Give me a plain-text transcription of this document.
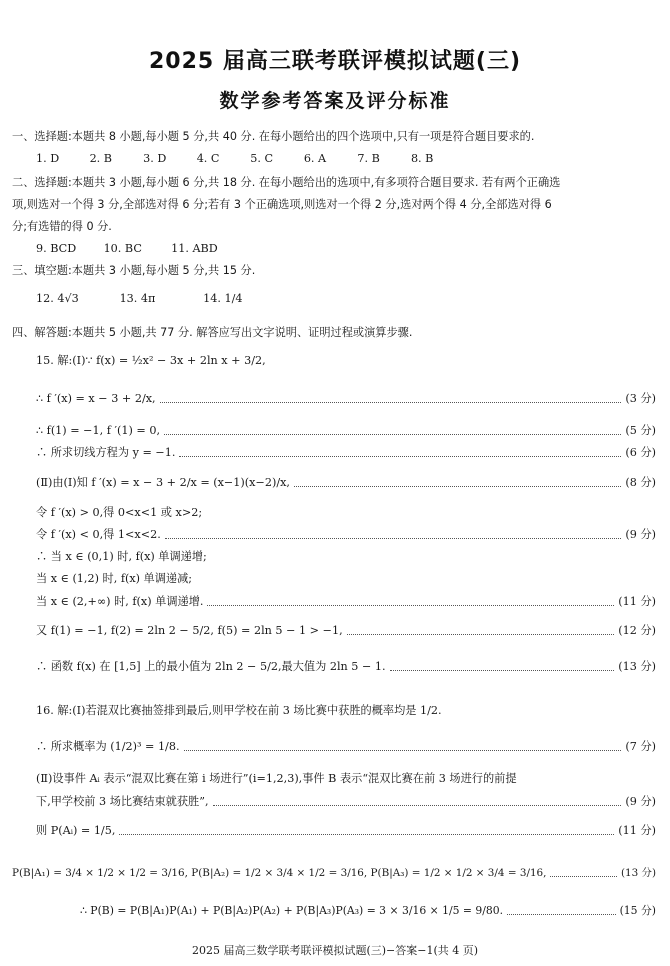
2025 届高三联考联评模拟试题(三)
数学参考答案及评分标准
一、选择题:本题共 8 小题,每小题 5 分,共 40 分. 在每小题给出的四个选项中,只有一项是符合题目要求的.
1. D	2. B	3. D	4. C	5. C	6. A	7. B	8. B
二、选择题:本题共 3 小题,每小题 6 分,共 18 分. 在每小题给出的选项中,有多项符合题目要求. 若有两个正确选
项,则选对一个得 3 分,全部选对得 6 分;若有 3 个正确选项,则选对一个得 2 分,选对两个得 4 分,全部选对得 6
分;有选错的得 0 分.
9. BCD 10. BC	11. ABD
三、填空题:本题共 3 小题,每小题 5 分,共 15 分.
12. 4√3	13. 4π	14. 1/4
四、解答题:本题共 5 小题,共 77 分. 解答应写出文字说明、证明过程或演算步骤.
15. 解:(Ⅰ)∵ f(x) = ½x² − 3x + 2ln x + 3/2,
∴ f ′(x) = x − 3 + 2/x,	(3 分)
∴ f(1) = −1, f ′(1) = 0,	(5 分)
∴ 所求切线方程为 y = −1.	(6 分)
(Ⅱ)由(Ⅰ)知 f ′(x) = x − 3 + 2/x = (x−1)(x−2)/x,	(8 分)
令 f ′(x) > 0,得 0<x<1 或 x>2;
令 f ′(x) < 0,得 1<x<2.	(9 分)
∴ 当 x ∈ (0,1) 时, f(x) 单调递增;
当 x ∈ (1,2) 时, f(x) 单调递减;
当 x ∈ (2,+∞) 时, f(x) 单调递增.	(11 分)
又 f(1) = −1, f(2) = 2ln 2 − 5/2, f(5) = 2ln 5 − 1 > −1,	(12 分)
∴ 函数 f(x) 在 [1,5] 上的最小值为 2ln 2 − 5/2,最大值为 2ln 5 − 1.	(13 分)
16. 解:(Ⅰ)若混双比赛抽签排到最后,则甲学校在前 3 场比赛中获胜的概率均是 1/2.
∴ 所求概率为 (1/2)³ = 1/8.	(7 分)
(Ⅱ)设事件 Aᵢ 表示“混双比赛在第 i 场进行”(i=1,2,3),事件 B 表示“混双比赛在前 3 场进行的前提
下,甲学校前 3 场比赛结束就获胜”,	(9 分)
则 P(Aᵢ) = 1/5,	(11 分)
P(B|A₁) = 3/4 × 1/2 × 1/2 = 3/16, P(B|A₂) = 1/2 × 3/4 × 1/2 = 3/16, P(B|A₃) = 1/2 × 1/2 × 3/4 = 3/16,	(13 分)
∴ P(B) = P(B|A₁)P(A₁) + P(B|A₂)P(A₂) + P(B|A₃)P(A₃) = 3 × 3/16 × 1/5 = 9/80.	(15 分)
2025 届高三数学联考联评模拟试题(三)−答案−1(共 4 页)
